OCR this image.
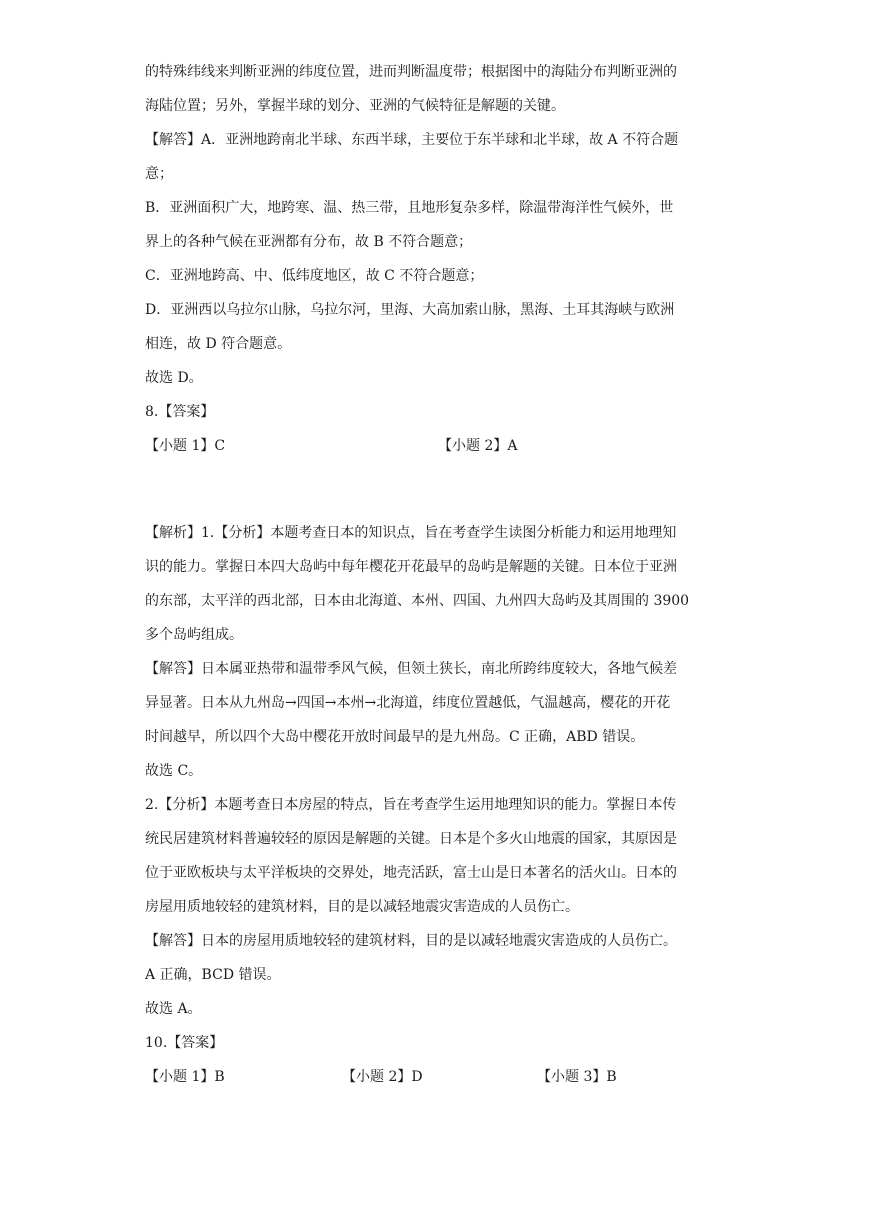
的特殊纬线来判断亚洲的纬度位置，进而判断温度带；根据图中的海陆分布判断亚洲的

海陆位置；另外，掌握半球的划分、亚洲的气候特征是解题的关键。

【解答】A．亚洲地跨南北半球、东西半球，主要位于东半球和北半球，故 A 不符合题

意；

B．亚洲面积广大，地跨寒、温、热三带，且地形复杂多样，除温带海洋性气候外，世

界上的各种气候在亚洲都有分布，故 B 不符合题意；

C．亚洲地跨高、中、低纬度地区，故 C 不符合题意；

D．亚洲西以乌拉尔山脉，乌拉尔河，里海、大高加索山脉，黑海、土耳其海峡与欧洲

相连，故 D 符合题意。

故选 D。

8.【答案】

【小题 1】C	【小题 2】A

【解析】1.【分析】本题考查日本的知识点，旨在考查学生读图分析能力和运用地理知

识的能力。掌握日本四大岛屿中每年樱花开花最早的岛屿是解题的关键。日本位于亚洲

的东部，太平洋的西北部，日本由北海道、本州、四国、九州四大岛屿及其周围的 3900

多个岛屿组成。

【解答】日本属亚热带和温带季风气候，但领土狭长，南北所跨纬度较大，各地气候差

异显著。日本从九州岛→四国→本州→北海道，纬度位置越低，气温越高，樱花的开花

时间越早，所以四个大岛中樱花开放时间最早的是九州岛。C 正确，ABD 错误。

故选 C。

2.【分析】本题考查日本房屋的特点，旨在考查学生运用地理知识的能力。掌握日本传

统民居建筑材料普遍较轻的原因是解题的关键。日本是个多火山地震的国家，其原因是

位于亚欧板块与太平洋板块的交界处，地壳活跃，富士山是日本著名的活火山。日本的

房屋用质地较轻的建筑材料，目的是以减轻地震灾害造成的人员伤亡。

【解答】日本的房屋用质地较轻的建筑材料，目的是以减轻地震灾害造成的人员伤亡。

A 正确，BCD 错误。

故选 A。

10.【答案】

【小题 1】B	【小题 2】D	【小题 3】B
